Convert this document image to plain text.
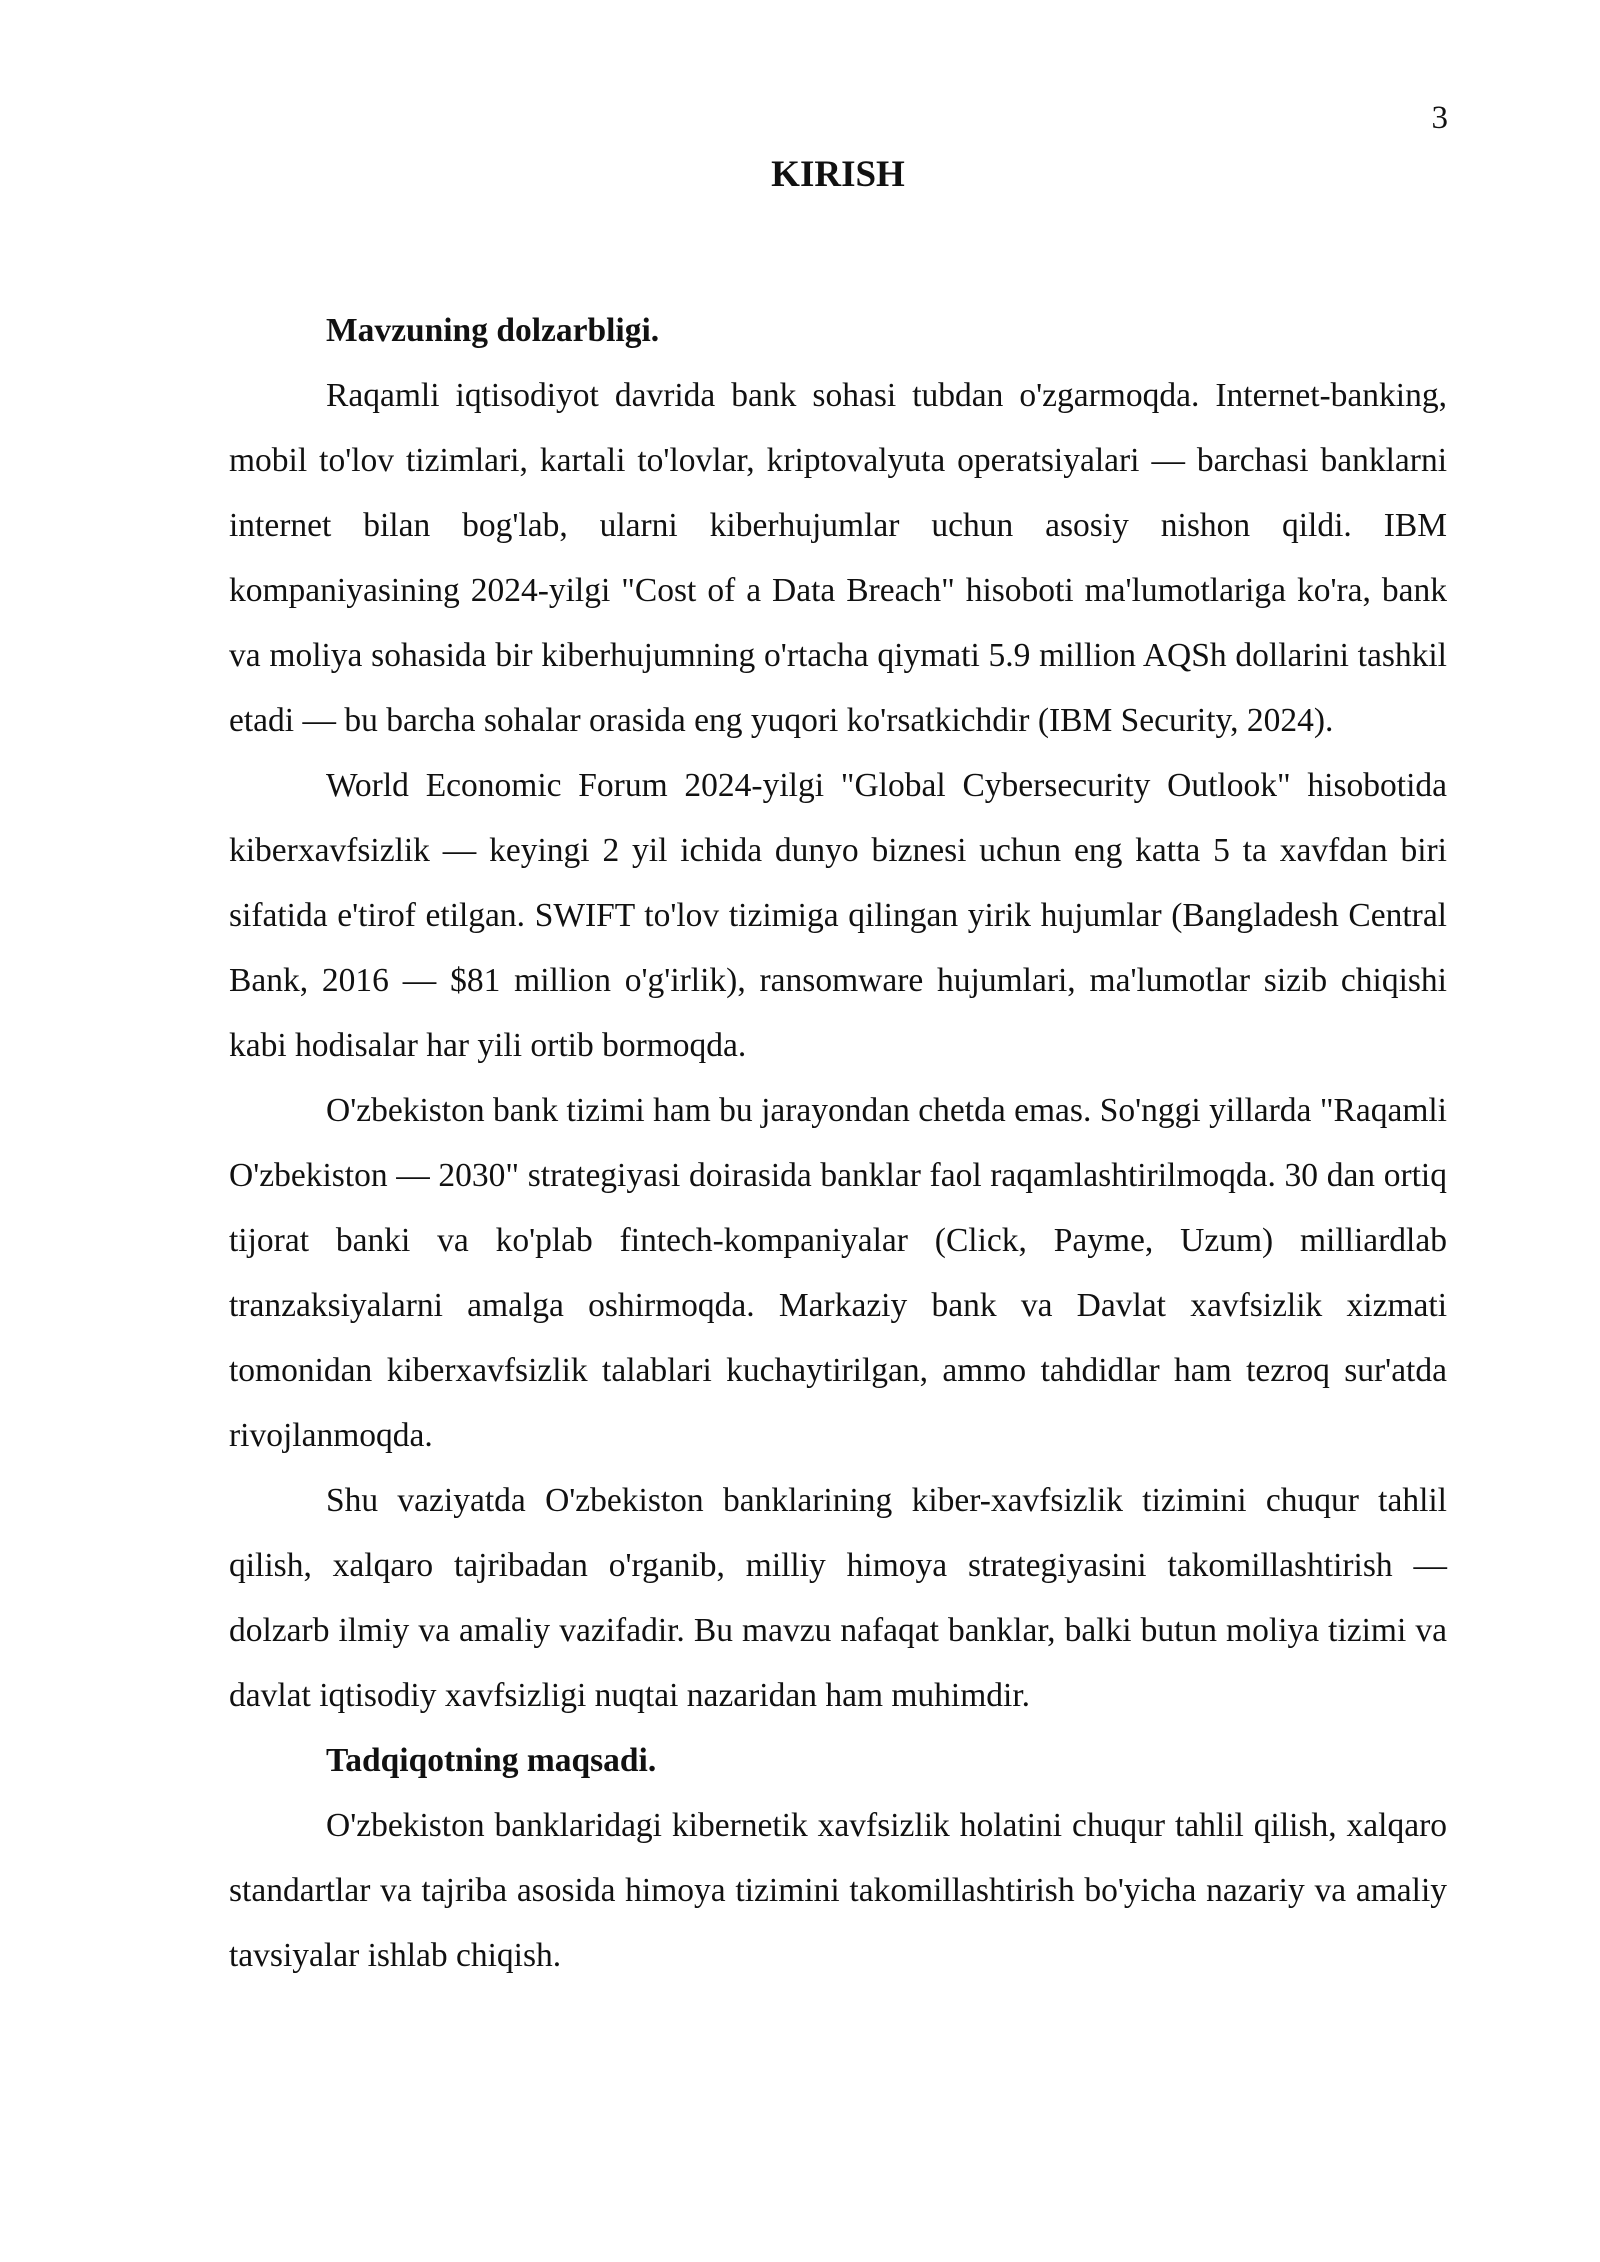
3
KIRISH

Mavzuning dolzarbligi.

Raqamli iqtisodiyot davrida bank sohasi tubdan o'zgarmoqda. Internet-banking, mobil to'lov tizimlari, kartali to'lovlar, kriptovalyuta operatsiyalari — barchasi banklarni internet bilan bog'lab, ularni kiberhujumlar uchun asosiy nishon qildi. IBM kompaniyasining 2024-yilgi "Cost of a Data Breach" hisoboti ma'lumotlariga ko'ra, bank va moliya sohasida bir kiberhujumning o'rtacha qiymati 5.9 million AQSh dollarini tashkil etadi — bu barcha sohalar orasida eng yuqori ko'rsatkichdir (IBM Security, 2024).

World Economic Forum 2024-yilgi "Global Cybersecurity Outlook" hisobotida kiberxavfsizlik — keyingi 2 yil ichida dunyo biznesi uchun eng katta 5 ta xavfdan biri sifatida e'tirof etilgan. SWIFT to'lov tizimiga qilingan yirik hujumlar (Bangladesh Central Bank, 2016 — $81 million o'g'irlik), ransomware hujumlari, ma'lumotlar sizib chiqishi kabi hodisalar har yili ortib bormoqda.

O'zbekiston bank tizimi ham bu jarayondan chetda emas. So'nggi yillarda "Raqamli O'zbekiston — 2030" strategiyasi doirasida banklar faol raqamlashtirilmoqda. 30 dan ortiq tijorat banki va ko'plab fintech-kompaniyalar (Click, Payme, Uzum) milliardlab tranzaksiyalarni amalga oshirmoqda. Markaziy bank va Davlat xavfsizlik xizmati tomonidan kiberxavfsizlik talablari kuchaytirilgan, ammo tahdidlar ham tezroq sur'atda rivojlanmoqda.

Shu vaziyatda O'zbekiston banklarining kiber-xavfsizlik tizimini chuqur tahlil qilish, xalqaro tajribadan o'rganib, milliy himoya strategiyasini takomillashtirish — dolzarb ilmiy va amaliy vazifadir. Bu mavzu nafaqat banklar, balki butun moliya tizimi va davlat iqtisodiy xavfsizligi nuqtai nazaridan ham muhimdir.

Tadqiqotning maqsadi.

O'zbekiston banklaridagi kibernetik xavfsizlik holatini chuqur tahlil qilish, xalqaro standartlar va tajriba asosida himoya tizimini takomillashtirish bo'yicha nazariy va amaliy tavsiyalar ishlab chiqish.
